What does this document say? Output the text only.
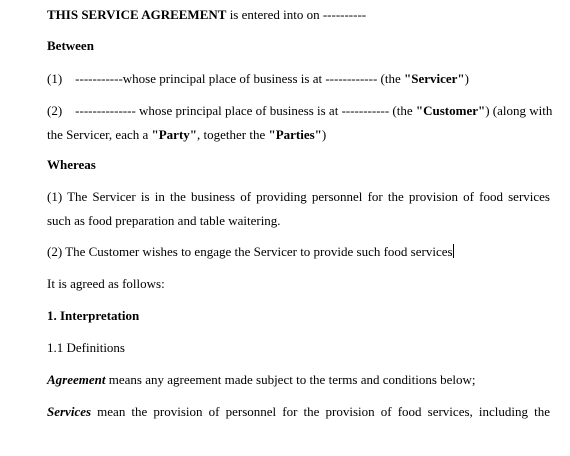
THIS SERVICE AGREEMENT is entered into on ----------
Between
(1) -----------whose principal place of business is at ------------ (the "Servicer")
(2) -------------- whose principal place of business is at ----------- (the "Customer") (along with
the Servicer, each a "Party", together the "Parties")
Whereas
(1) The Servicer is in the business of providing personnel for the provision of food services
such as food preparation and table waitering.
(2) The Customer wishes to engage the Servicer to provide such food services
It is agreed as follows:
1. Interpretation
1.1 Definitions
Agreement means any agreement made subject to the terms and conditions below;
Services mean the provision of personnel for the provision of food services, including the
